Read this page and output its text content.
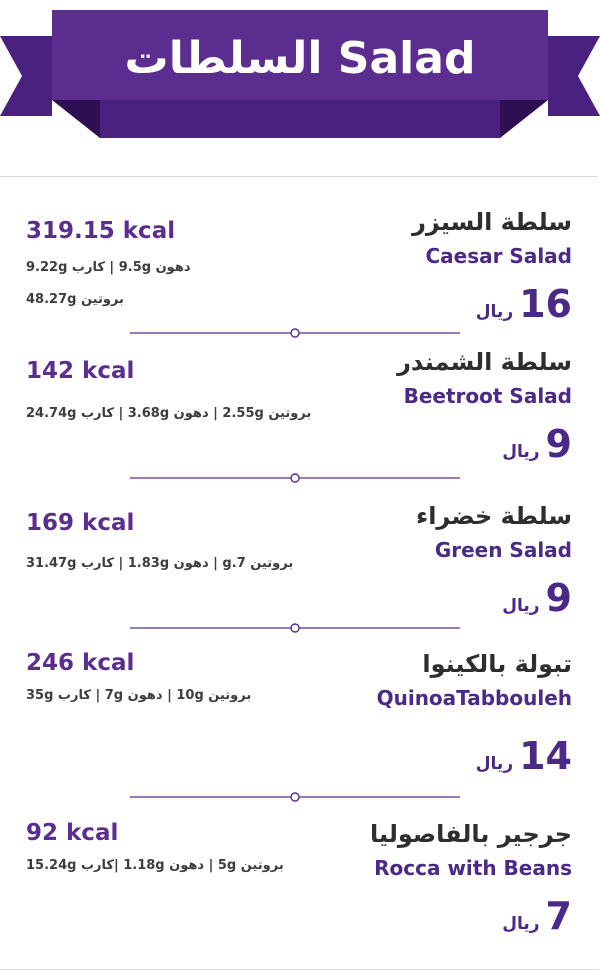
السلطات Salad
319.15 kcal
دهون 9.5g | كارب 9.22g
بروتين 48.27g
سلطة السيزر
Caesar Salad
ريال 16
142 kcal
بروتين 2.55g | دهون 3.68g | كارب 24.74g
سلطة الشمندر
Beetroot Salad
ريال 9
169 kcal
بروتين 7.g | دهون 1.83g | كارب 31.47g
سلطة خضراء
Green Salad
ريال 9
246 kcal
بروتين 10g | دهون 7g | كارب 35g
تبولة بالكينوا
QuinoaTabbouleh
ريال 14
92 kcal
بروتين 5g | دهون 1.18g |كارب 15.24g
جرجير بالفاصوليا
Rocca with Beans
ريال 7
